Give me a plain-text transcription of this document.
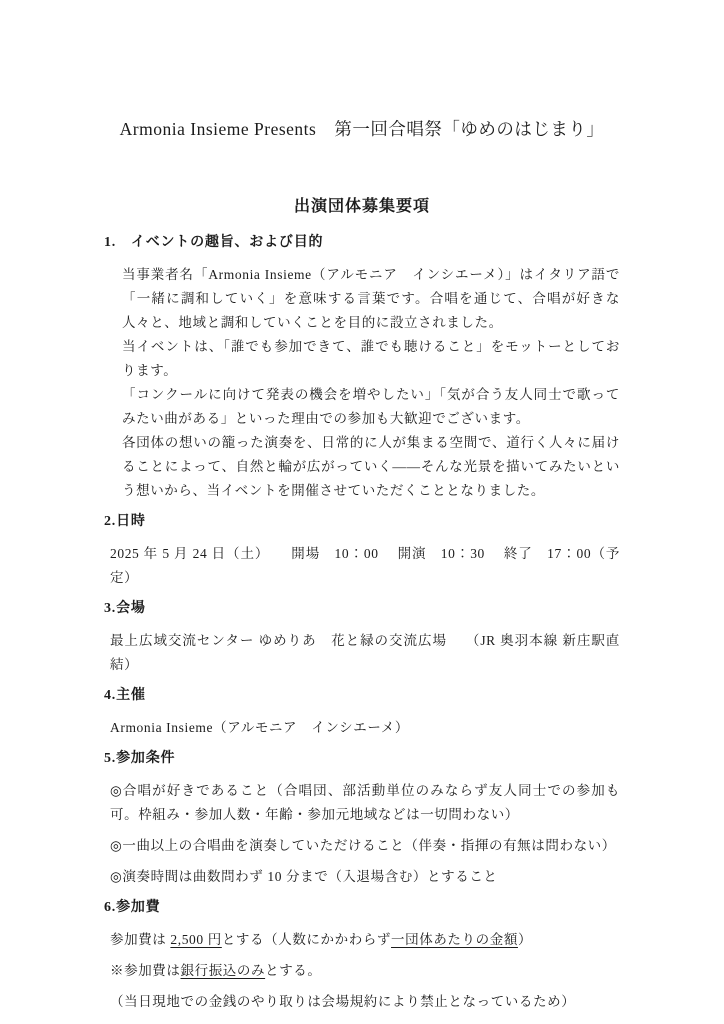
Armonia Insieme Presents　第一回合唱祭「ゆめのはじまり」
出演団体募集要項
1.　イベントの趣旨、および目的

当事業者名「Armonia Insieme（アルモニア　インシエーメ）」はイタリア語で「一緒に調和していく」を意味する言葉です。合唱を通じて、合唱が好きな人々と、地域と調和していくことを目的に設立されました。

当イベントは、「誰でも参加できて、誰でも聴けること」をモットーとしております。

「コンクールに向けて発表の機会を増やしたい」「気が合う友人同士で歌ってみたい曲がある」といった理由での参加も大歓迎でございます。

各団体の想いの籠った演奏を、日常的に人が集まる空間で、道行く人々に届けることによって、自然と輪が広がっていく——そんな光景を描いてみたいという想いから、当イベントを開催させていただくこととなりました。

2.日時

2025 年 5 月 24 日（土）　　開場　10：00　 開演　10：30　 終了　17：00（予定）

3.会場

最上広域交流センター ゆめりあ　花と緑の交流広場　 （JR 奥羽本線 新庄駅直結）

4.主催

Armonia Insieme（アルモニア　インシエーメ）

5.参加条件

◎合唱が好きであること（合唱団、部活動単位のみならず友人同士での参加も可。枠組み・参加人数・年齢・参加元地域などは一切問わない）

◎一曲以上の合唱曲を演奏していただけること（伴奏・指揮の有無は問わない）

◎演奏時間は曲数問わず 10 分まで（入退場含む）とすること

6.参加費

参加費は 2,500 円とする（人数にかかわらず一団体あたりの金額）

※参加費は銀行振込のみとする。

（当日現地での金銭のやり取りは会場規約により禁止となっているため）
